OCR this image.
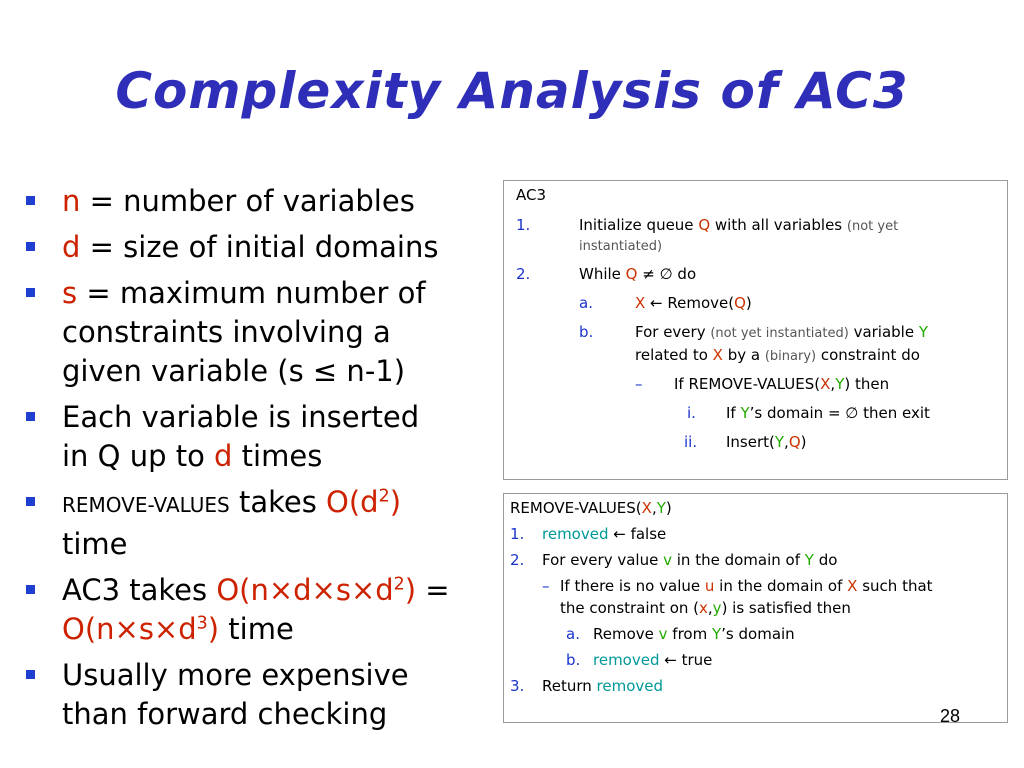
Complexity Analysis of AC3
n = number of variables
d = size of initial domains
s = maximum number of
constraints involving a
given variable (s ≤ n-1)
Each variable is inserted
in Q up to d times
REMOVE-VALUES takes $O(d^2)$
time
AC3 takes $O(n\times d\times s\times d^2)$ =
$O(n\times s\times d^3)$ time
Usually more expensive
than forward checking
AC3
1.	Initialize queue Q with all variables (not yet
instantiated)
2.	While Q ≠ ∅ do
a.	X ← Remove(Q)
b.	For every (not yet instantiated) variable Y
related to X by a (binary) constraint do
– If REMOVE-VALUES(X,Y) then
i. If Y’s domain = ∅ then exit
ii. Insert(Y,Q)
REMOVE-VALUES(X,Y)
1. removed ← false
2. For every value v in the domain of Y do
– If there is no value u in the domain of X such that
the constraint on (x,y) is satisfied then
a. Remove v from Y’s domain
b. removed ← true
3. Return removed
28
